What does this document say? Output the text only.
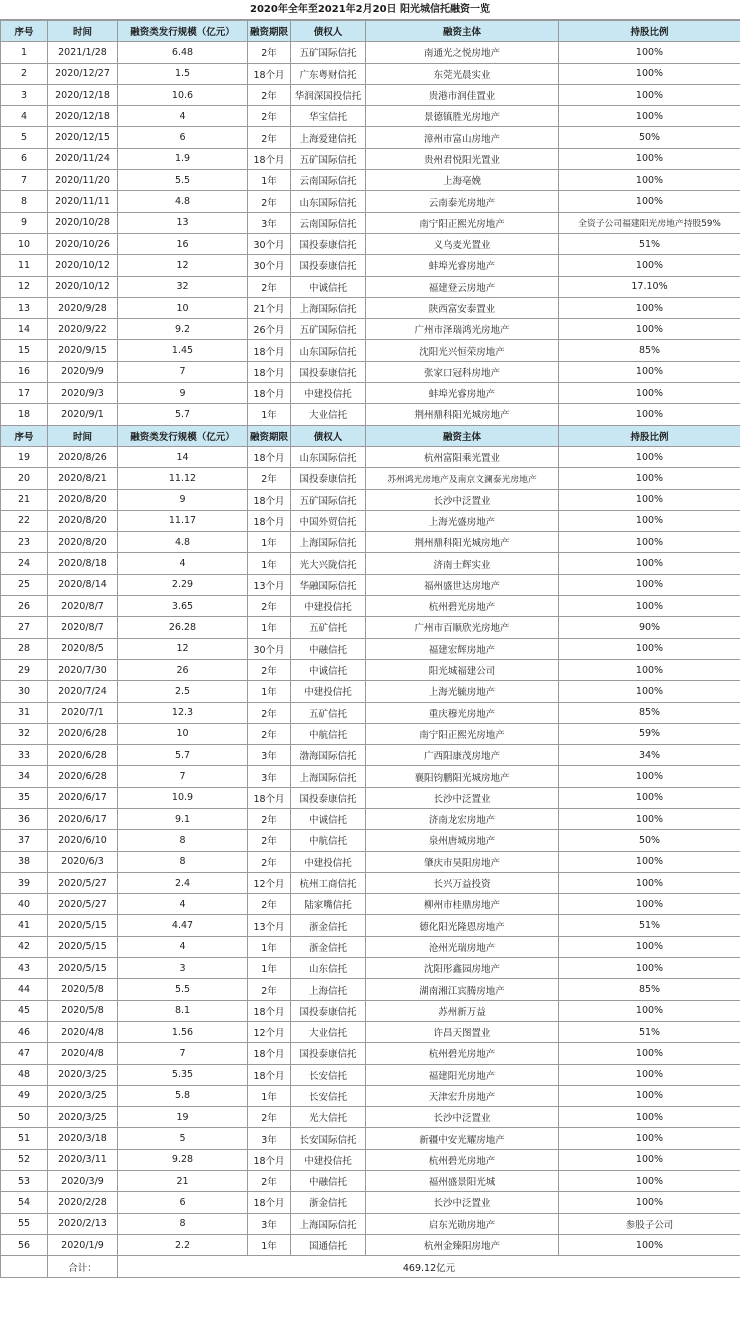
2020年全年至2021年2月20日 阳光城信托融资一览
序号	时间	融资类发行规模（亿元）	融资期限	债权人	融资主体	持股比例
1	2021/1/28	6.48	2年	五矿国际信托	南通光之悦房地产	100%
2	2020/12/27	1.5	18个月	广东粤财信托	东莞光晨实业	100%
3	2020/12/18	10.6	2年	华润深国投信托	贵港市润佳置业	100%
4	2020/12/18	4	2年	华宝信托	景德镇胜光房地产	100%
5	2020/12/15	6	2年	上海爱建信托	漳州市富山房地产	50%
6	2020/11/24	1.9	18个月	五矿国际信托	贵州君悦阳光置业	100%
7	2020/11/20	5.5	1年	云南国际信托	上海亳娩	100%
8	2020/11/11	4.8	2年	山东国际信托	云南泰光房地产	100%
9	2020/10/28	13	3年	云南国际信托	南宁阳正熙光房地产	全资子公司福建阳光房地产持股59%
10	2020/10/26	16	30个月	国投泰康信托	义乌麦光置业	51%
11	2020/10/12	12	30个月	国投泰康信托	蚌埠光睿房地产	100%
12	2020/10/12	32	2年	中诚信托	福建登云房地产	17.10%
13	2020/9/28	10	21个月	上海国际信托	陕西富安泰置业	100%
14	2020/9/22	9.2	26个月	五矿国际信托	广州市泽瑞鸿光房地产	100%
15	2020/9/15	1.45	18个月	山东国际信托	沈阳光兴恒荣房地产	85%
16	2020/9/9	7	18个月	国投泰康信托	张家口冠科房地产	100%
17	2020/9/3	9	18个月	中建投信托	蚌埠光睿房地产	100%
18	2020/9/1	5.7	1年	大业信托	荆州鼎科阳光城房地产	100%
序号	时间	融资类发行规模（亿元）	融资期限	债权人	融资主体	持股比例
19	2020/8/26	14	18个月	山东国际信托	杭州富阳乘光置业	100%
20	2020/8/21	11.12	2年	国投泰康信托	苏州鸿光房地产及南京文澜泰光房地产	100%
21	2020/8/20	9	18个月	五矿国际信托	长沙中泛置业	100%
22	2020/8/20	11.17	18个月	中国外贸信托	上海光盛房地产	100%
23	2020/8/20	4.8	1年	上海国际信托	荆州鼎科阳光城房地产	100%
24	2020/8/18	4	1年	光大兴陇信托	济南士辉实业	100%
25	2020/8/14	2.29	13个月	华融国际信托	福州盛世达房地产	100%
26	2020/8/7	3.65	2年	中建投信托	杭州碧光房地产	100%
27	2020/8/7	26.28	1年	五矿信托	广州市百顺欣光房地产	90%
28	2020/8/5	12	30个月	中融信托	福建宏辉房地产	100%
29	2020/7/30	26	2年	中诚信托	阳光城福建公司	100%
30	2020/7/24	2.5	1年	中建投信托	上海光毓房地产	100%
31	2020/7/1	12.3	2年	五矿信托	重庆穆光房地产	85%
32	2020/6/28	10	2年	中航信托	南宁阳正熙光房地产	59%
33	2020/6/28	5.7	3年	渤海国际信托	广西阳康茂房地产	34%
34	2020/6/28	7	3年	上海国际信托	襄阳钧鹏阳光城房地产	100%
35	2020/6/17	10.9	18个月	国投泰康信托	长沙中泛置业	100%
36	2020/6/17	9.1	2年	中诚信托	济南龙宏房地产	100%
37	2020/6/10	8	2年	中航信托	泉州唐城房地产	50%
38	2020/6/3	8	2年	中建投信托	肇庆市昊阳房地产	100%
39	2020/5/27	2.4	12个月	杭州工商信托	长兴万益投资	100%
40	2020/5/27	4	2年	陆家嘴信托	柳州市桂鼎房地产	100%
41	2020/5/15	4.47	13个月	浙金信托	德化阳光隆恩房地产	51%
42	2020/5/15	4	1年	浙金信托	沧州光瑞房地产	100%
43	2020/5/15	3	1年	山东信托	沈阳彤鑫园房地产	100%
44	2020/5/8	5.5	2年	上海信托	湖南湘江宾腾房地产	85%
45	2020/5/8	8.1	18个月	国投泰康信托	苏州新万益	100%
46	2020/4/8	1.56	12个月	大业信托	许昌天图置业	51%
47	2020/4/8	7	18个月	国投泰康信托	杭州碧光房地产	100%
48	2020/3/25	5.35	18个月	长安信托	福建阳光房地产	100%
49	2020/3/25	5.8	1年	长安信托	天津宏升房地产	100%
50	2020/3/25	19	2年	光大信托	长沙中泛置业	100%
51	2020/3/18	5	3年	长安国际信托	新疆中安光耀房地产	100%
52	2020/3/11	9.28	18个月	中建投信托	杭州碧光房地产	100%
53	2020/3/9	21	2年	中融信托	福州盛景阳光城	100%
54	2020/2/28	6	18个月	浙金信托	长沙中泛置业	100%
55	2020/2/13	8	3年	上海国际信托	启东光勋房地产	参股子公司
56	2020/1/9	2.2	1年	国通信托	杭州金臻阳房地产	100%
	合计：	469.12亿元				
